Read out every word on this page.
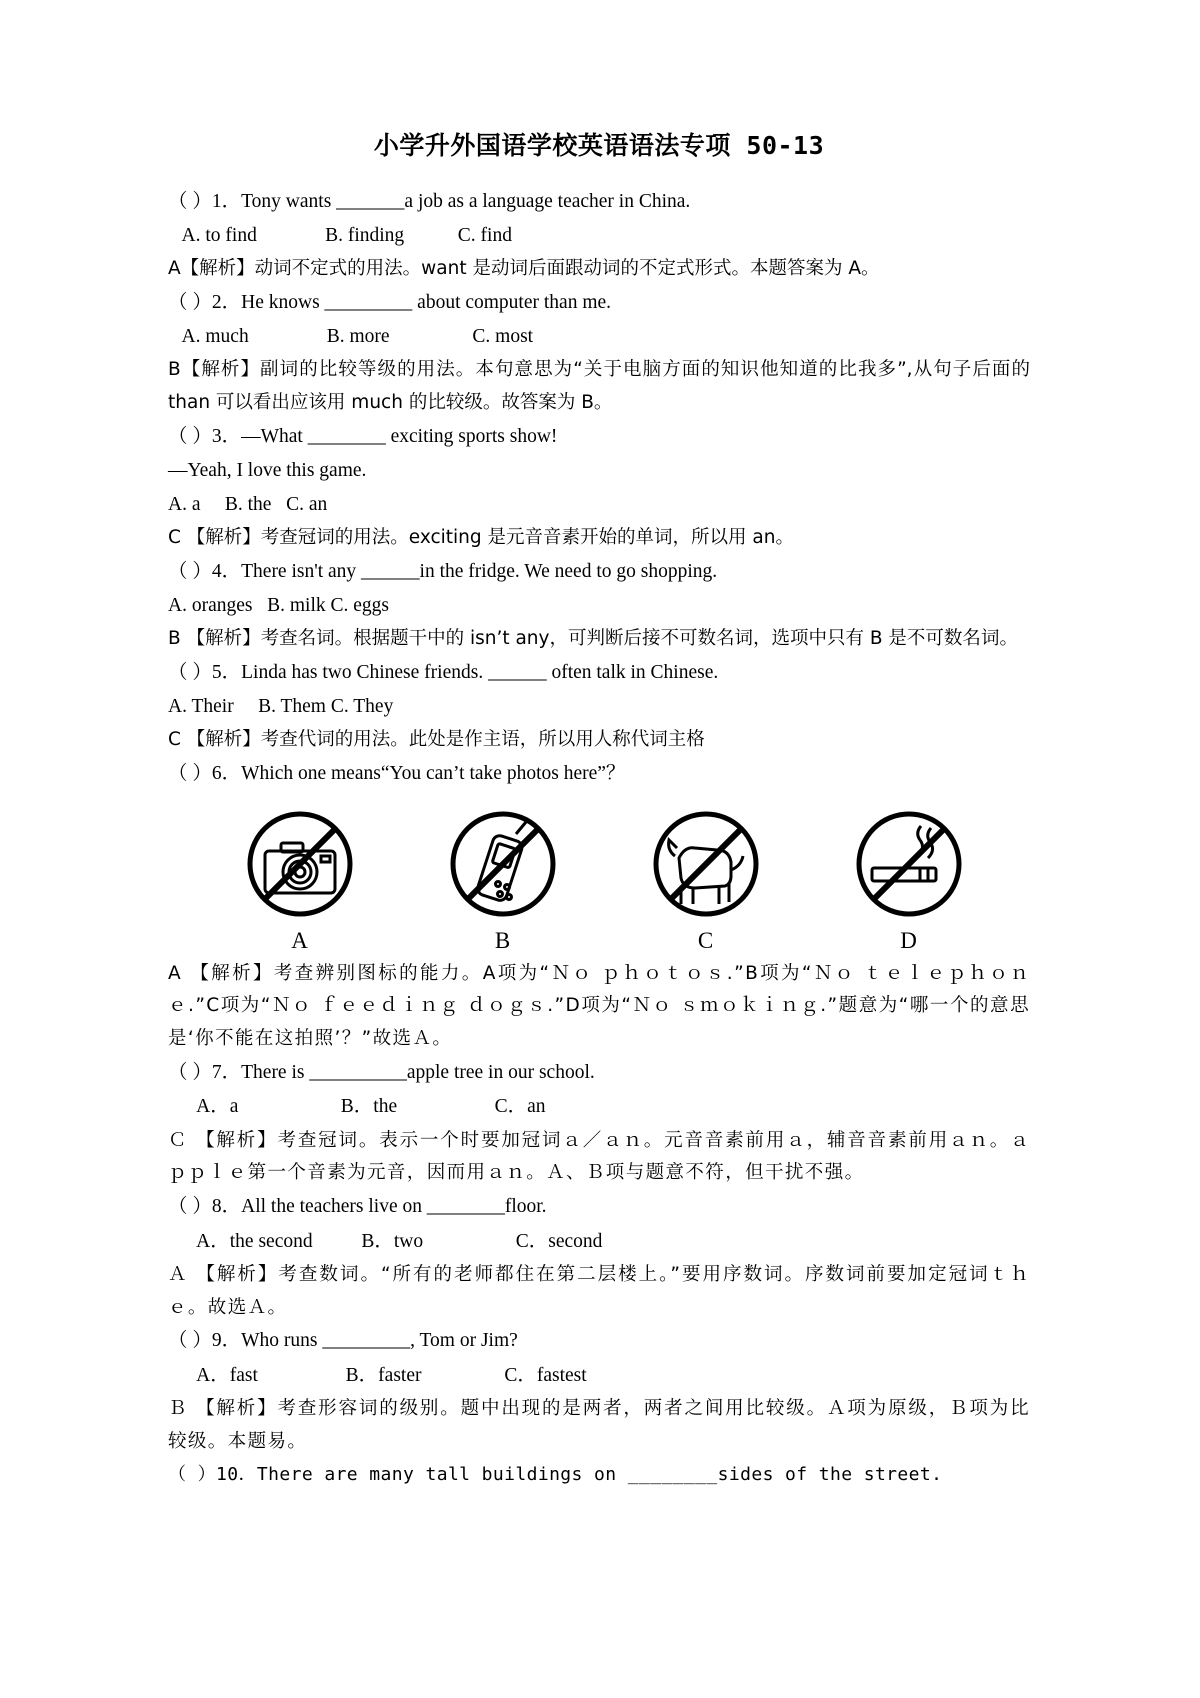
小学升外国语学校英语语法专项 50-13

（ ）1．Tony wants _______a job as a language teacher in China.

A. to find              B. finding           C. find

A【解析】动词不定式的用法。want 是动词后面跟动词的不定式形式。本题答案为 A。

（ ）2．He knows _________ about computer than me.

A. much                B. more                 C. most

B【解析】副词的比较等级的用法。本句意思为“关于电脑方面的知识他知道的比我多”,从句子后面的 than 可以看出应该用 much 的比较级。故答案为 B。

（ ）3．—What ________ exciting sports show!

—Yeah, I love this game.

A. a     B. the   C. an

C 【解析】考查冠词的用法。exciting 是元音音素开始的单词，所以用 an。

（ ）4．There isn't any ______in the fridge. We need to go shopping.

A. oranges   B. milk C. eggs

B 【解析】考查名词。根据题干中的 isn’t any，可判断后接不可数名词，选项中只有 B 是不可数名词。

（ ）5．Linda has two Chinese friends. ______ often talk in Chinese.

A. Their     B. Them C. They

C 【解析】考查代词的用法。此处是作主语，所以用人称代词主格

（ ）6．Which one means“You can’t take photos here”？

A	B	C	D

A 【解析】考查辨别图标的能力。A项为“Ｎｏ ｐｈｏｔｏｓ.”B项为“Ｎｏ ｔｅｌｅｐｈｏｎｅ.”C项为“Ｎｏ ｆｅｅｄｉｎｇ ｄｏｇｓ.”D项为“Ｎｏ ｓｍｏｋｉｎｇ.”题意为“哪一个的意思是‘你不能在这拍照’？”故选Ａ。

（ ）7．There is __________apple tree in our school.

A．a                     B．the                    C．an

Ｃ 【解析】考查冠词。表示一个时要加冠词ａ／ａｎ。元音音素前用ａ，辅音音素前用ａｎ。ａｐｐｌｅ第一个音素为元音，因而用ａｎ。Ａ、Ｂ项与题意不符，但干扰不强。

（ ）8．All the teachers live on ________floor.

A．the second          B．two                   C．second

Ａ 【解析】考查数词。“所有的老师都住在第二层楼上。”要用序数词。序数词前要加定冠词ｔｈｅ。故选Ａ。

（ ）9．Who runs _________, Tom or Jim?

A．fast                  B．faster                 C．fastest

Ｂ 【解析】考查形容词的级别。题中出现的是两者，两者之间用比较级。Ａ项为原级，Ｂ项为比较级。本题易。

（ ）10．There are many tall buildings on ________sides of the street.
